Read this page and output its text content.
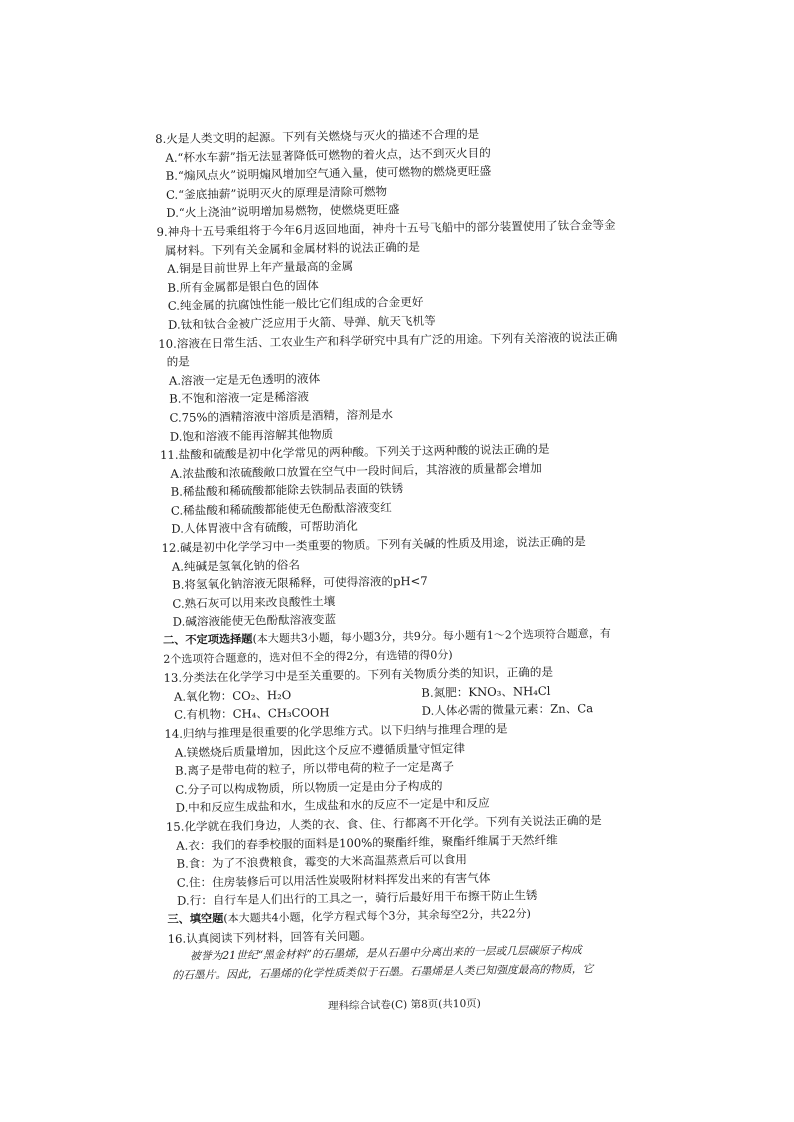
8.火是人类文明的起源。下列有关燃烧与灭火的描述不合理的是
A.“杯水车薪”指无法显著降低可燃物的着火点，达不到灭火目的
B.“煽风点火”说明煽风增加空气通入量，使可燃物的燃烧更旺盛
C.“釜底抽薪”说明灭火的原理是清除可燃物
D.“火上浇油”说明增加易燃物，使燃烧更旺盛
9.神舟十五号乘组将于今年6月返回地面，神舟十五号飞船中的部分装置使用了钛合金等金
属材料。下列有关金属和金属材料的说法正确的是
A.铜是目前世界上年产量最高的金属
B.所有金属都是银白色的固体
C.纯金属的抗腐蚀性能一般比它们组成的合金更好
D.钛和钛合金被广泛应用于火箭、导弹、航天飞机等
10.溶液在日常生活、工农业生产和科学研究中具有广泛的用途。下列有关溶液的说法正确
的是
A.溶液一定是无色透明的液体
B.不饱和溶液一定是稀溶液
C.75%的酒精溶液中溶质是酒精，溶剂是水
D.饱和溶液不能再溶解其他物质
11.盐酸和硫酸是初中化学常见的两种酸。下列关于这两种酸的说法正确的是
A.浓盐酸和浓硫酸敞口放置在空气中一段时间后，其溶液的质量都会增加
B.稀盐酸和稀硫酸都能除去铁制品表面的铁锈
C.稀盐酸和稀硫酸都能使无色酚酞溶液变红
D.人体胃液中含有硫酸，可帮助消化
12.碱是初中化学学习中一类重要的物质。下列有关碱的性质及用途，说法正确的是
A.纯碱是氢氧化钠的俗名
B.将氢氧化钠溶液无限稀释，可使得溶液的pH<7
C.熟石灰可以用来改良酸性土壤
D.碱溶液能使无色酚酞溶液变蓝
二、不定项选择题(本大题共3小题，每小题3分，共9分。每小题有1～2个选项符合题意，有
2个选项符合题意的，选对但不全的得2分，有选错的得0分)
13.分类法在化学学习中是至关重要的。下列有关物质分类的知识，正确的是
A.氧化物：CO₂、H₂O	B.氮肥：KNO₃、NH₄Cl
C.有机物：CH₄、CH₃COOH	D.人体必需的微量元素：Zn、Ca
14.归纳与推理是很重要的化学思维方式。以下归纳与推理合理的是
A.镁燃烧后质量增加，因此这个反应不遵循质量守恒定律
B.离子是带电荷的粒子，所以带电荷的粒子一定是离子
C.分子可以构成物质，所以物质一定是由分子构成的
D.中和反应生成盐和水，生成盐和水的反应不一定是中和反应
15.化学就在我们身边，人类的衣、食、住、行都离不开化学。下列有关说法正确的是
A.衣：我们的春季校服的面料是100%的聚酯纤维，聚酯纤维属于天然纤维
B.食：为了不浪费粮食，霉变的大米高温蒸煮后可以食用
C.住：住房装修后可以用活性炭吸附材料挥发出来的有害气体
D.行：自行车是人们出行的工具之一，骑行后最好用干布擦干防止生锈
三、填空题(本大题共4小题，化学方程式每个3分，其余每空2分，共22分)
16.认真阅读下列材料，回答有关问题。
被誉为21世纪“黑金材料”的石墨烯，是从石墨中分离出来的一层或几层碳原子构成
的石墨片。因此，石墨烯的化学性质类似于石墨。石墨烯是人类已知强度最高的物质，它
理科综合试卷(C) 第8页(共10页)
